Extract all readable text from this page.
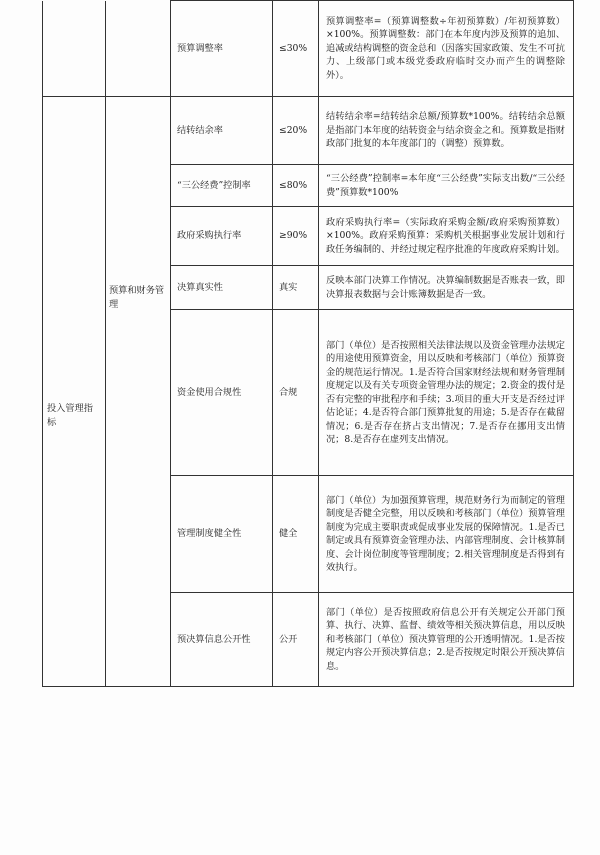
		预算调整率	≤30%	预算调整率=（预算调整数÷年初预算数）/年初预算数）×100%。预算调整数：部门在本年度内涉及预算的追加、追减或结构调整的资金总和（因落实国家政策、发生不可抗力、上级部门或本级党委政府临时交办而产生的调整除外）。
		结转结余率	≤20%	结转结余率=结转结余总额/预算数*100%。结转结余总额是指部门本年度的结转资金与结余资金之和。预算数是指财政部门批复的本年度部门的（调整）预算数。
		“三公经费”控制率	≤80%	“三公经费”控制率=本年度“三公经费”实际支出数/“三公经费”预算数*100%
		政府采购执行率	≥90%	政府采购执行率=（实际政府采购金额/政府采购预算数）×100%。政府采购预算：采购机关根据事业发展计划和行政任务编制的、并经过规定程序批准的年度政府采购计划。
投入管理指标	预算和财务管理	决算真实性	真实	反映本部门决算工作情况。决算编制数据是否账表一致，即决算报表数据与会计账簿数据是否一致。
		资金使用合规性	合规	部门（单位）是否按照相关法律法规以及资金管理办法规定的用途使用预算资金，用以反映和考核部门（单位）预算资金的规范运行情况。1.是否符合国家财经法规和财务管理制度规定以及有关专项资金管理办法的规定；2.资金的拨付是否有完整的审批程序和手续；3.项目的重大开支是否经过评估论证；4.是否符合部门预算批复的用途；5.是否存在截留情况；6.是否存在挤占支出情况；7.是否存在挪用支出情况；8.是否存在虚列支出情况。
		管理制度健全性	健全	部门（单位）为加强预算管理，规范财务行为而制定的管理制度是否健全完整，用以反映和考核部门（单位）预算管理制度为完成主要职责或促成事业发展的保障情况。1.是否已制定或具有预算资金管理办法、内部管理制度、会计核算制度、会计岗位制度等管理制度；2.相关管理制度是否得到有效执行。
		预决算信息公开性	公开	部门（单位）是否按照政府信息公开有关规定公开部门预算、执行、决算、监督、绩效等相关预决算信息，用以反映和考核部门（单位）预决算管理的公开透明情况。1.是否按规定内容公开预决算信息；2.是否按规定时限公开预决算信息。
